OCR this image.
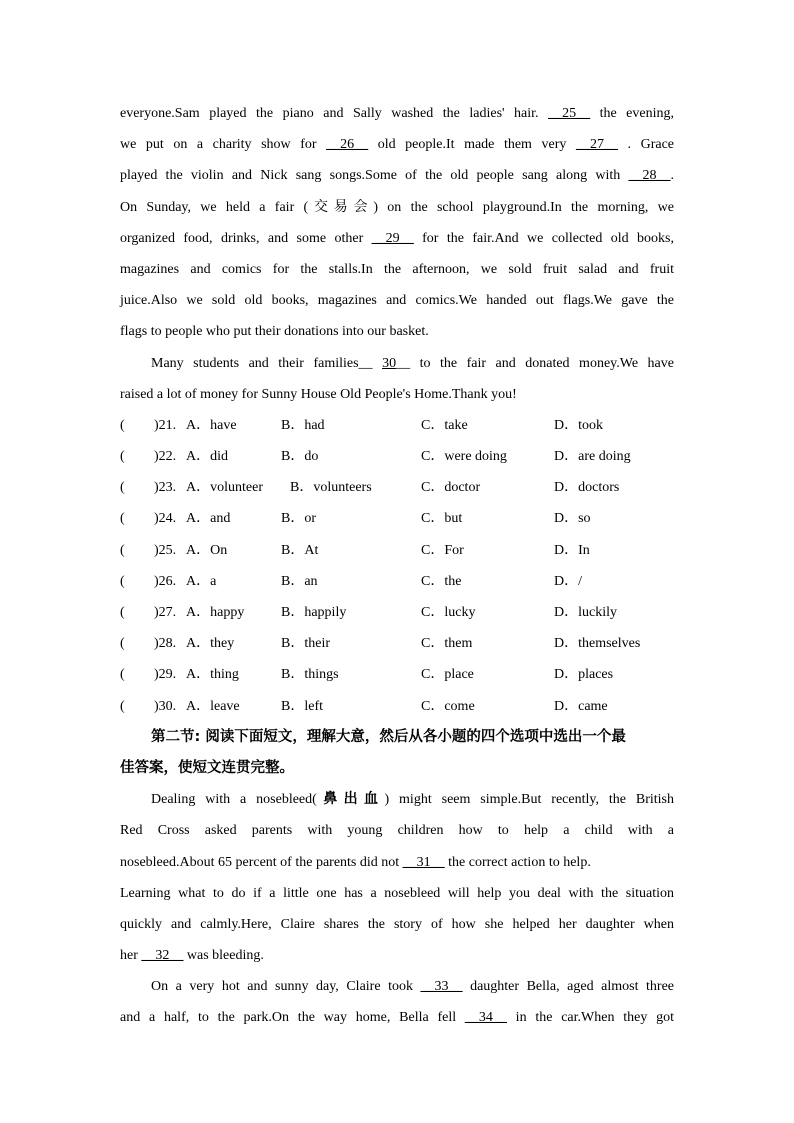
everyone.Sam played the piano and Sally washed the ladies' hair. __25__ the evening,
we put on a charity show for __26__ old people.It made them very __27__ . Grace
played the violin and Nick sang songs.Some of the old people sang along with __28__.
On Sunday, we held a fair (交易会) on the school playground.In the morning, we
organized food, drinks, and some other __29__ for the fair.And we collected old books,
magazines and comics for the stalls.In the afternoon, we sold fruit salad and fruit
juice.Also we sold old books, magazines and comics.We handed out flags.We gave the
flags to people who put their donations into our basket.
Many students and their families__ 30__ to the fair and donated money.We have
raised a lot of money for Sunny House Old People's Home.Thank you!
( )21. A．have	B．had	C．take	D．took
( )22. A．did	B．do	C．were doing	D．are doing
( )23. A．volunteer B．volunteers	C．doctor	D．doctors
( )24. A．and	B．or	C．but	D．so
( )25. A．On	B．At	C．For	D．In
( )26. A．a	B．an	C．the	D．/
( )27. A．happy	B．happily	C．lucky	D．luckily
( )28. A．they	B．their	C．them	D．themselves
( )29. A．thing	B．things	C．place	D．places
( )30. A．leave	B．left	C．come	D．came
第二节: 阅读下面短文，理解大意，然后从各小题的四个选项中选出一个最
佳答案，使短文连贯完整。
Dealing with a nosebleed(鼻出血) might seem simple.But recently, the British
Red Cross asked parents with young children how to help a child with a
nosebleed.About 65 percent of the parents did not __31__ the correct action to help.
Learning what to do if a little one has a nosebleed will help you deal with the situation
quickly and calmly.Here, Claire shares the story of how she helped her daughter when
her __32__ was bleeding.
On a very hot and sunny day, Claire took __33__ daughter Bella, aged almost three
and a half, to the park.On the way home, Bella fell __34__ in the car.When they got
